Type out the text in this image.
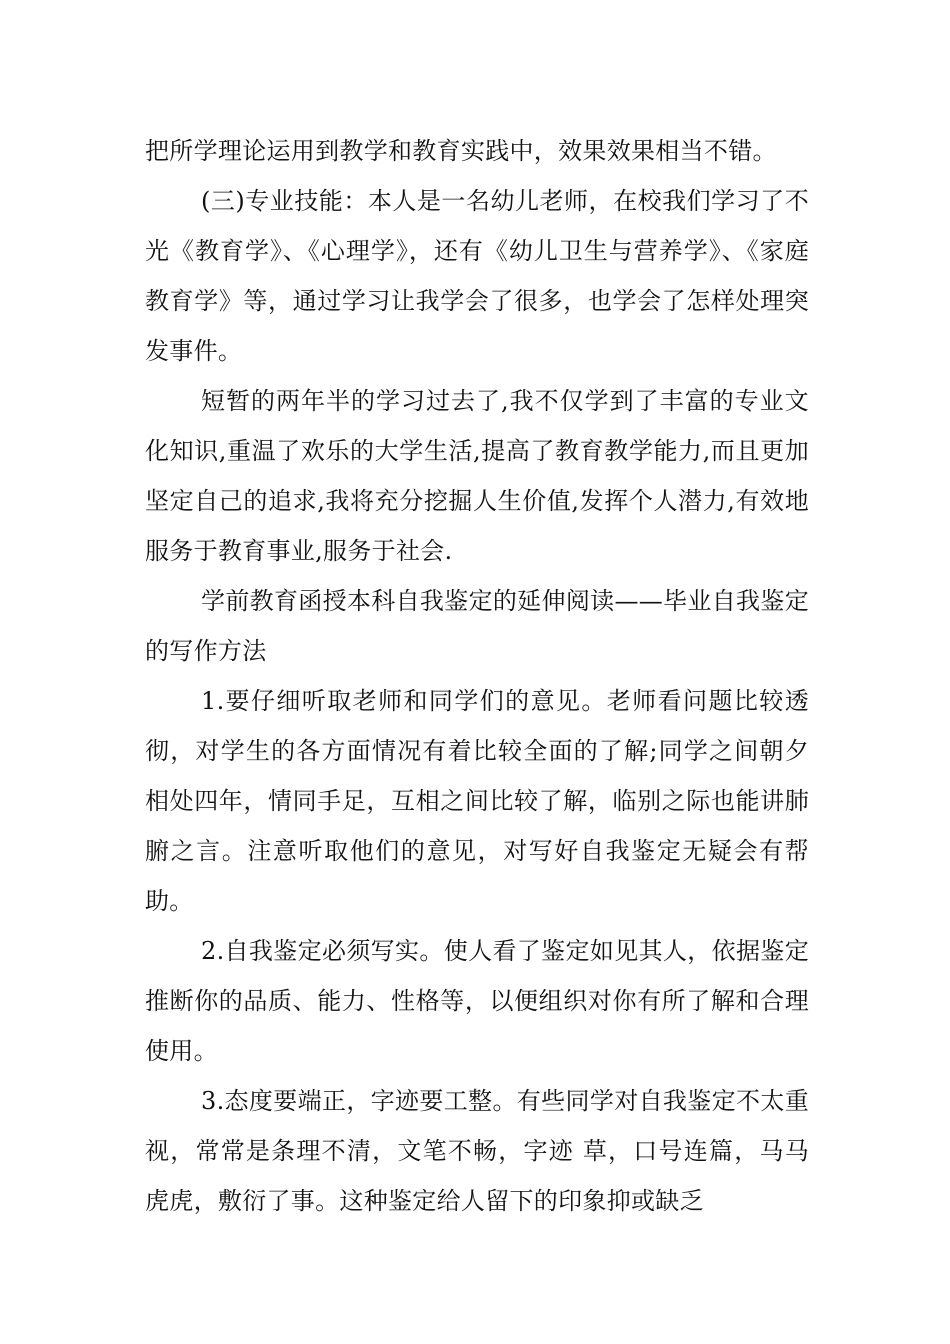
把所学理论运用到教学和教育实践中，效果效果相当不错。

(三)专业技能：本人是一名幼儿老师，在校我们学习了不光《教育学》、《心理学》，还有《幼儿卫生与营养学》、《家庭教育学》等，通过学习让我学会了很多，也学会了怎样处理突发事件。

短暂的两年半的学习过去了,我不仅学到了丰富的专业文化知识,重温了欢乐的大学生活,提高了教育教学能力,而且更加坚定自己的追求,我将充分挖掘人生价值,发挥个人潜力,有效地服务于教育事业,服务于社会.

学前教育函授本科自我鉴定的延伸阅读——毕业自我鉴定的写作方法

1.要仔细听取老师和同学们的意见。老师看问题比较透彻，对学生的各方面情况有着比较全面的了解;同学之间朝夕相处四年，情同手足，互相之间比较了解，临别之际也能讲肺腑之言。注意听取他们的意见，对写好自我鉴定无疑会有帮助。

2.自我鉴定必须写实。使人看了鉴定如见其人，依据鉴定推断你的品质、能力、性格等，以便组织对你有所了解和合理使用。

3.态度要端正，字迹要工整。有些同学对自我鉴定不太重视，常常是条理不清，文笔不畅，字迹 草，口号连篇，马马虎虎，敷衍了事。这种鉴定给人留下的印象抑或缺乏
